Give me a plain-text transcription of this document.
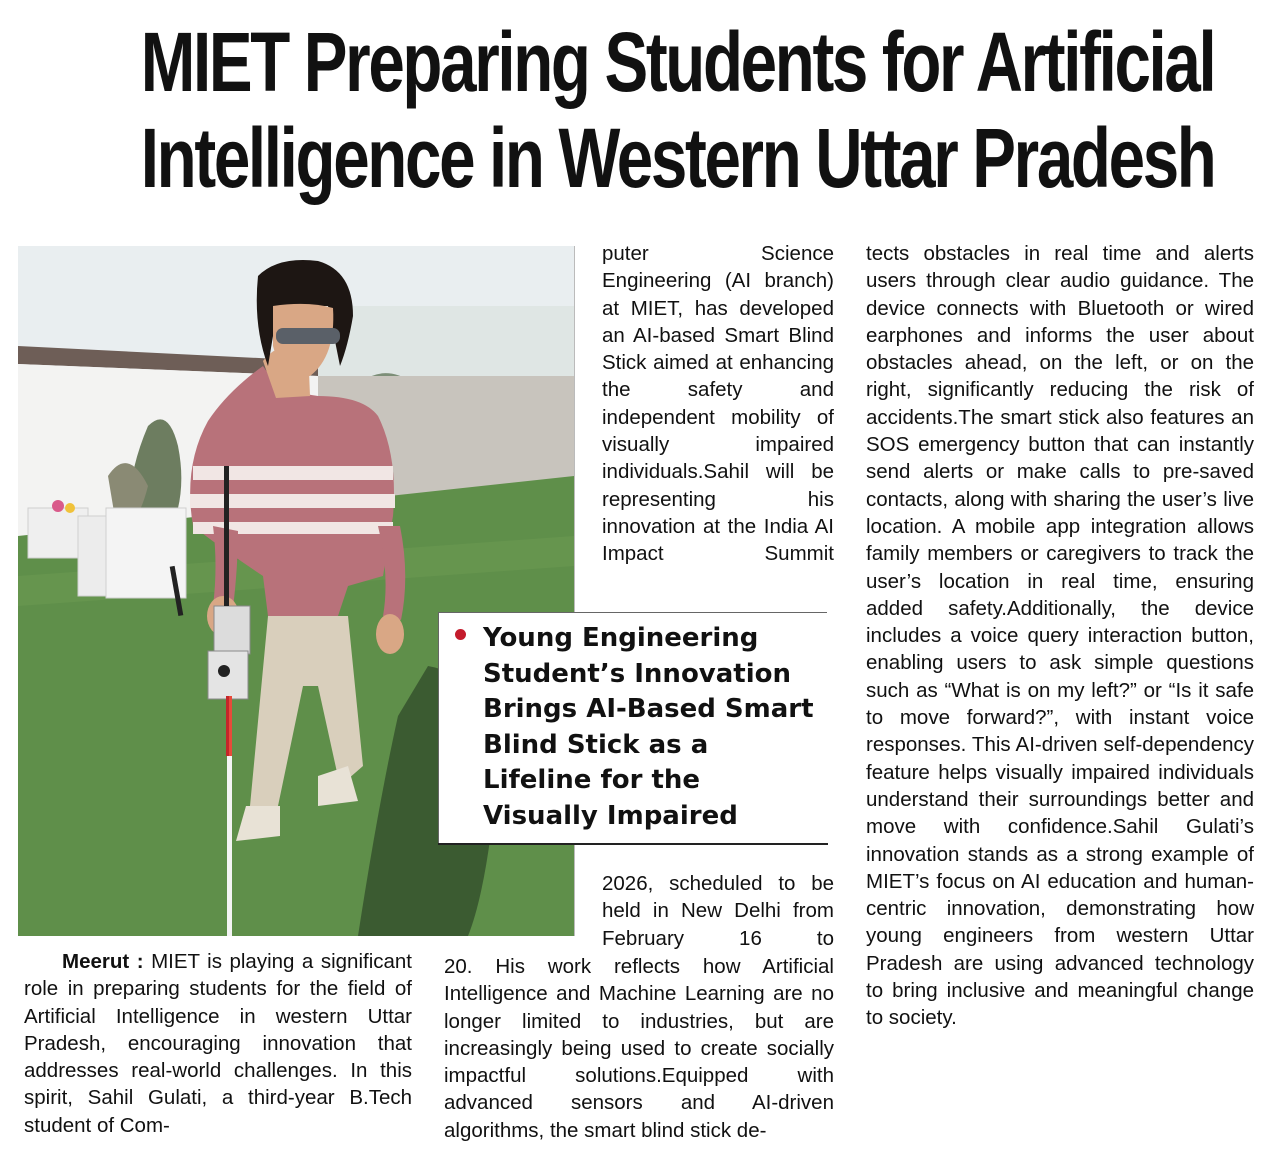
MIET Preparing Students for Artificial
Intelligence in Western Uttar Pradesh

puter Science Engineering (AI branch) at MIET, has developed an AI-based Smart Blind Stick aimed at enhancing the safety and independent mobility of visually impaired individuals.Sahil will be representing his innovation at the India AI Impact Summit

Young Engineering Student’s Innovation Brings AI-Based Smart Blind Stick as a Lifeline for the Visually Impaired

2026, scheduled to be held in New Delhi from February 16 to

Meerut : MIET is playing a significant role in preparing students for the field of Artificial Intelligence in western Uttar Pradesh, encouraging innovation that addresses real-world challenges. In this spirit, Sahil Gulati, a third-year B.Tech student of Com-

20. His work reflects how Artificial Intelligence and Machine Learning are no longer limited to industries, but are increasingly being used to create socially impactful solutions.Equipped with advanced sensors and AI-driven algorithms, the smart blind stick de-

tects obstacles in real time and alerts users through clear audio guidance. The device connects with Bluetooth or wired earphones and informs the user about obstacles ahead, on the left, or on the right, significantly reducing the risk of accidents.The smart stick also features an SOS emergency button that can instantly send alerts or make calls to pre-saved contacts, along with sharing the user’s live location. A mobile app integration allows family members or caregivers to track the user’s location in real time, ensuring added safety.Additionally, the device includes a voice query interaction button, enabling users to ask simple questions such as “What is on my left?” or “Is it safe to move forward?”, with instant voice responses. This AI-driven self-dependency feature helps visually impaired individuals understand their surroundings better and move with confidence.Sahil Gulati’s innovation stands as a strong example of MIET’s focus on AI education and human-centric innovation, demonstrating how young engineers from western Uttar Pradesh are using advanced technology to bring inclusive and meaningful change to society.
